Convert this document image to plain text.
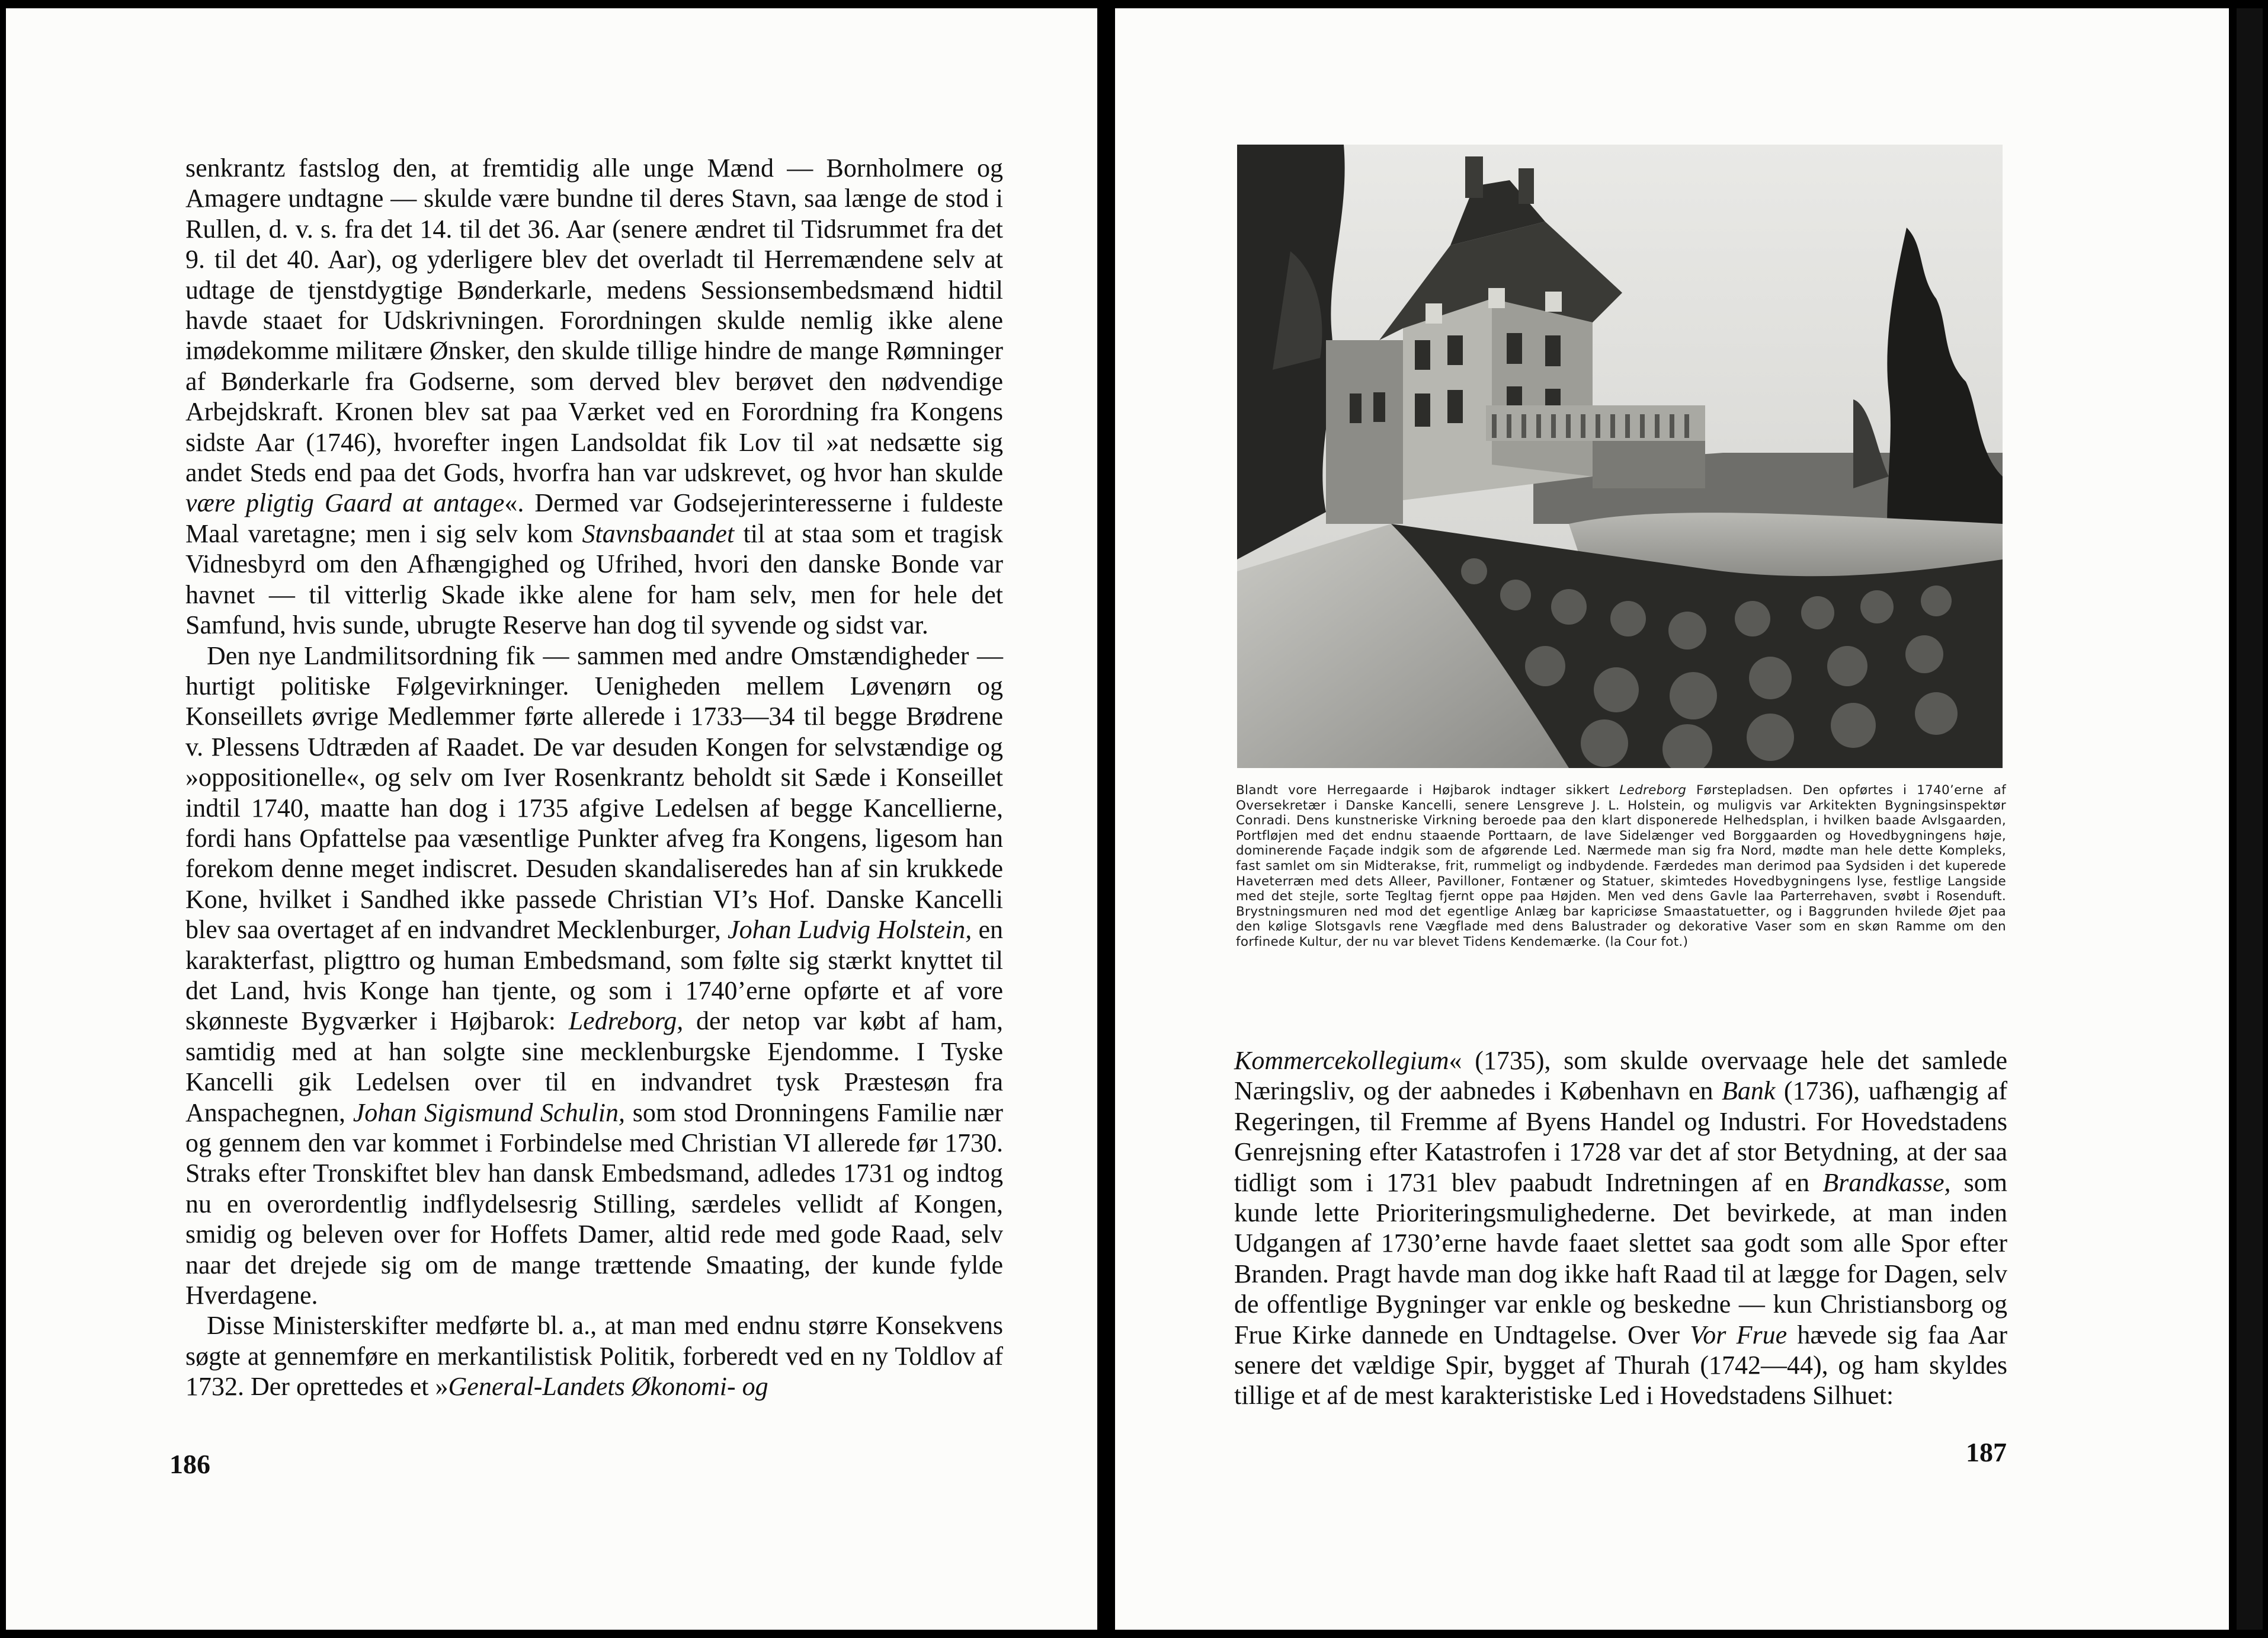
senkrantz fastslog den, at fremtidig alle unge Mænd — Bornholmere og Amagere undtagne — skulde være bundne til deres Stavn, saa længe de stod i Rullen, d. v. s. fra det 14. til det 36. Aar (senere ændret til Tidsrummet fra det 9. til det 40. Aar), og yderligere blev det overladt til Herremændene selv at udtage de tjenstdygtige Bønderkarle, medens Sessionsembedsmænd hidtil havde staaet for Udskrivningen. Forordningen skulde nemlig ikke alene imødekomme militære Ønsker, den skulde tillige hindre de mange Rømninger af Bønderkarle fra Godserne, som derved blev berøvet den nødvendige Arbejdskraft. Kronen blev sat paa Værket ved en Forordning fra Kongens sidste Aar (1746), hvorefter ingen Landsoldat fik Lov til »at nedsætte sig andet Steds end paa det Gods, hvorfra han var udskrevet, og hvor han skulde være pligtig Gaard at antage«. Dermed var Godsejerinteresserne i fuldeste Maal varetagne; men i sig selv kom Stavnsbaandet til at staa som et tragisk Vidnesbyrd om den Afhængighed og Ufrihed, hvori den danske Bonde var havnet — til vitterlig Skade ikke alene for ham selv, men for hele det Samfund, hvis sunde, ubrugte Reserve han dog til syvende og sidst var.

Den nye Landmilitsordning fik — sammen med andre Omstændigheder — hurtigt politiske Følgevirkninger. Uenigheden mellem Løvenørn og Konseillets øvrige Medlemmer førte allerede i 1733—34 til begge Brødrene v. Plessens Udtræden af Raadet. De var desuden Kongen for selvstændige og »oppositionelle«, og selv om Iver Rosenkrantz beholdt sit Sæde i Konseillet indtil 1740, maatte han dog i 1735 afgive Ledelsen af begge Kancellierne, fordi hans Opfattelse paa væsentlige Punkter afveg fra Kongens, ligesom han forekom denne meget indiscret. Desuden skandaliseredes han af sin krukkede Kone, hvilket i Sandhed ikke passede Christian VI’s Hof. Danske Kancelli blev saa overtaget af en indvandret Mecklenburger, Johan Ludvig Holstein, en karakterfast, pligttro og human Embedsmand, som følte sig stærkt knyttet til det Land, hvis Konge han tjente, og som i 1740’erne opførte et af vore skønneste Bygværker i Højbarok: Ledreborg, der netop var købt af ham, samtidig med at han solgte sine mecklenburgske Ejendomme. I Tyske Kancelli gik Ledelsen over til en indvandret tysk Præstesøn fra Anspachegnen, Johan Sigismund Schulin, som stod Dronningens Familie nær og gennem den var kommet i Forbindelse med Christian VI allerede før 1730. Straks efter Tronskiftet blev han dansk Embedsmand, adledes 1731 og indtog nu en overordentlig indflydelsesrig Stilling, særdeles vellidt af Kongen, smidig og beleven over for Hoffets Damer, altid rede med gode Raad, selv naar det drejede sig om de mange trættende Smaating, der kunde fylde Hverdagene.

Disse Ministerskifter medførte bl. a., at man med endnu større Konsekvens søgte at gennemføre en merkantilistisk Politik, forberedt ved en ny Toldlov af 1732. Der oprettedes et »General-Landets Økonomi- og

186

Blandt vore Herregaarde i Højbarok indtager sikkert Ledreborg Førstepladsen. Den opførtes i 1740’erne af Oversekretær i Danske Kancelli, senere Lensgreve J. L. Holstein, og muligvis var Arkitekten Bygningsinspektør Conradi. Dens kunstneriske Virkning beroede paa den klart disponerede Helhedsplan, i hvilken baade Avlsgaarden, Portfløjen med det endnu staaende Porttaarn, de lave Sidelænger ved Borggaarden og Hovedbygningens høje, dominerende Façade indgik som de afgørende Led. Nærmede man sig fra Nord, mødte man hele dette Kompleks, fast samlet om sin Midterakse, frit, rummeligt og indbydende. Færdedes man derimod paa Sydsiden i det kuperede Haveterræn med dets Alleer, Pavilloner, Fontæner og Statuer, skimtedes Hovedbygningens lyse, festlige Langside med det stejle, sorte Tegltag fjernt oppe paa Højden. Men ved dens Gavle laa Parterrehaven, svøbt i Rosenduft. Brystningsmuren ned mod det egentlige Anlæg bar kapriciøse Smaastatuetter, og i Baggrunden hvilede Øjet paa den kølige Slotsgavls rene Vægflade med dens Balustrader og dekorative Vaser som en skøn Ramme om den forfinede Kultur, der nu var blevet Tidens Kendemærke. (la Cour fot.)

Kommercekollegium« (1735), som skulde overvaage hele det samlede Næringsliv, og der aabnedes i København en Bank (1736), uafhængig af Regeringen, til Fremme af Byens Handel og Industri. For Hovedstadens Genrejsning efter Katastrofen i 1728 var det af stor Betydning, at der saa tidligt som i 1731 blev paabudt Indretningen af en Brandkasse, som kunde lette Prioriteringsmulighederne. Det bevirkede, at man inden Udgangen af 1730’erne havde faaet slettet saa godt som alle Spor efter Branden. Pragt havde man dog ikke haft Raad til at lægge for Dagen, selv de offentlige Bygninger var enkle og beskedne — kun Christiansborg og Frue Kirke dannede en Undtagelse. Over Vor Frue hævede sig faa Aar senere det vældige Spir, bygget af Thurah (1742—44), og ham skyldes tillige et af de mest karakteristiske Led i Hovedstadens Silhuet:

187
